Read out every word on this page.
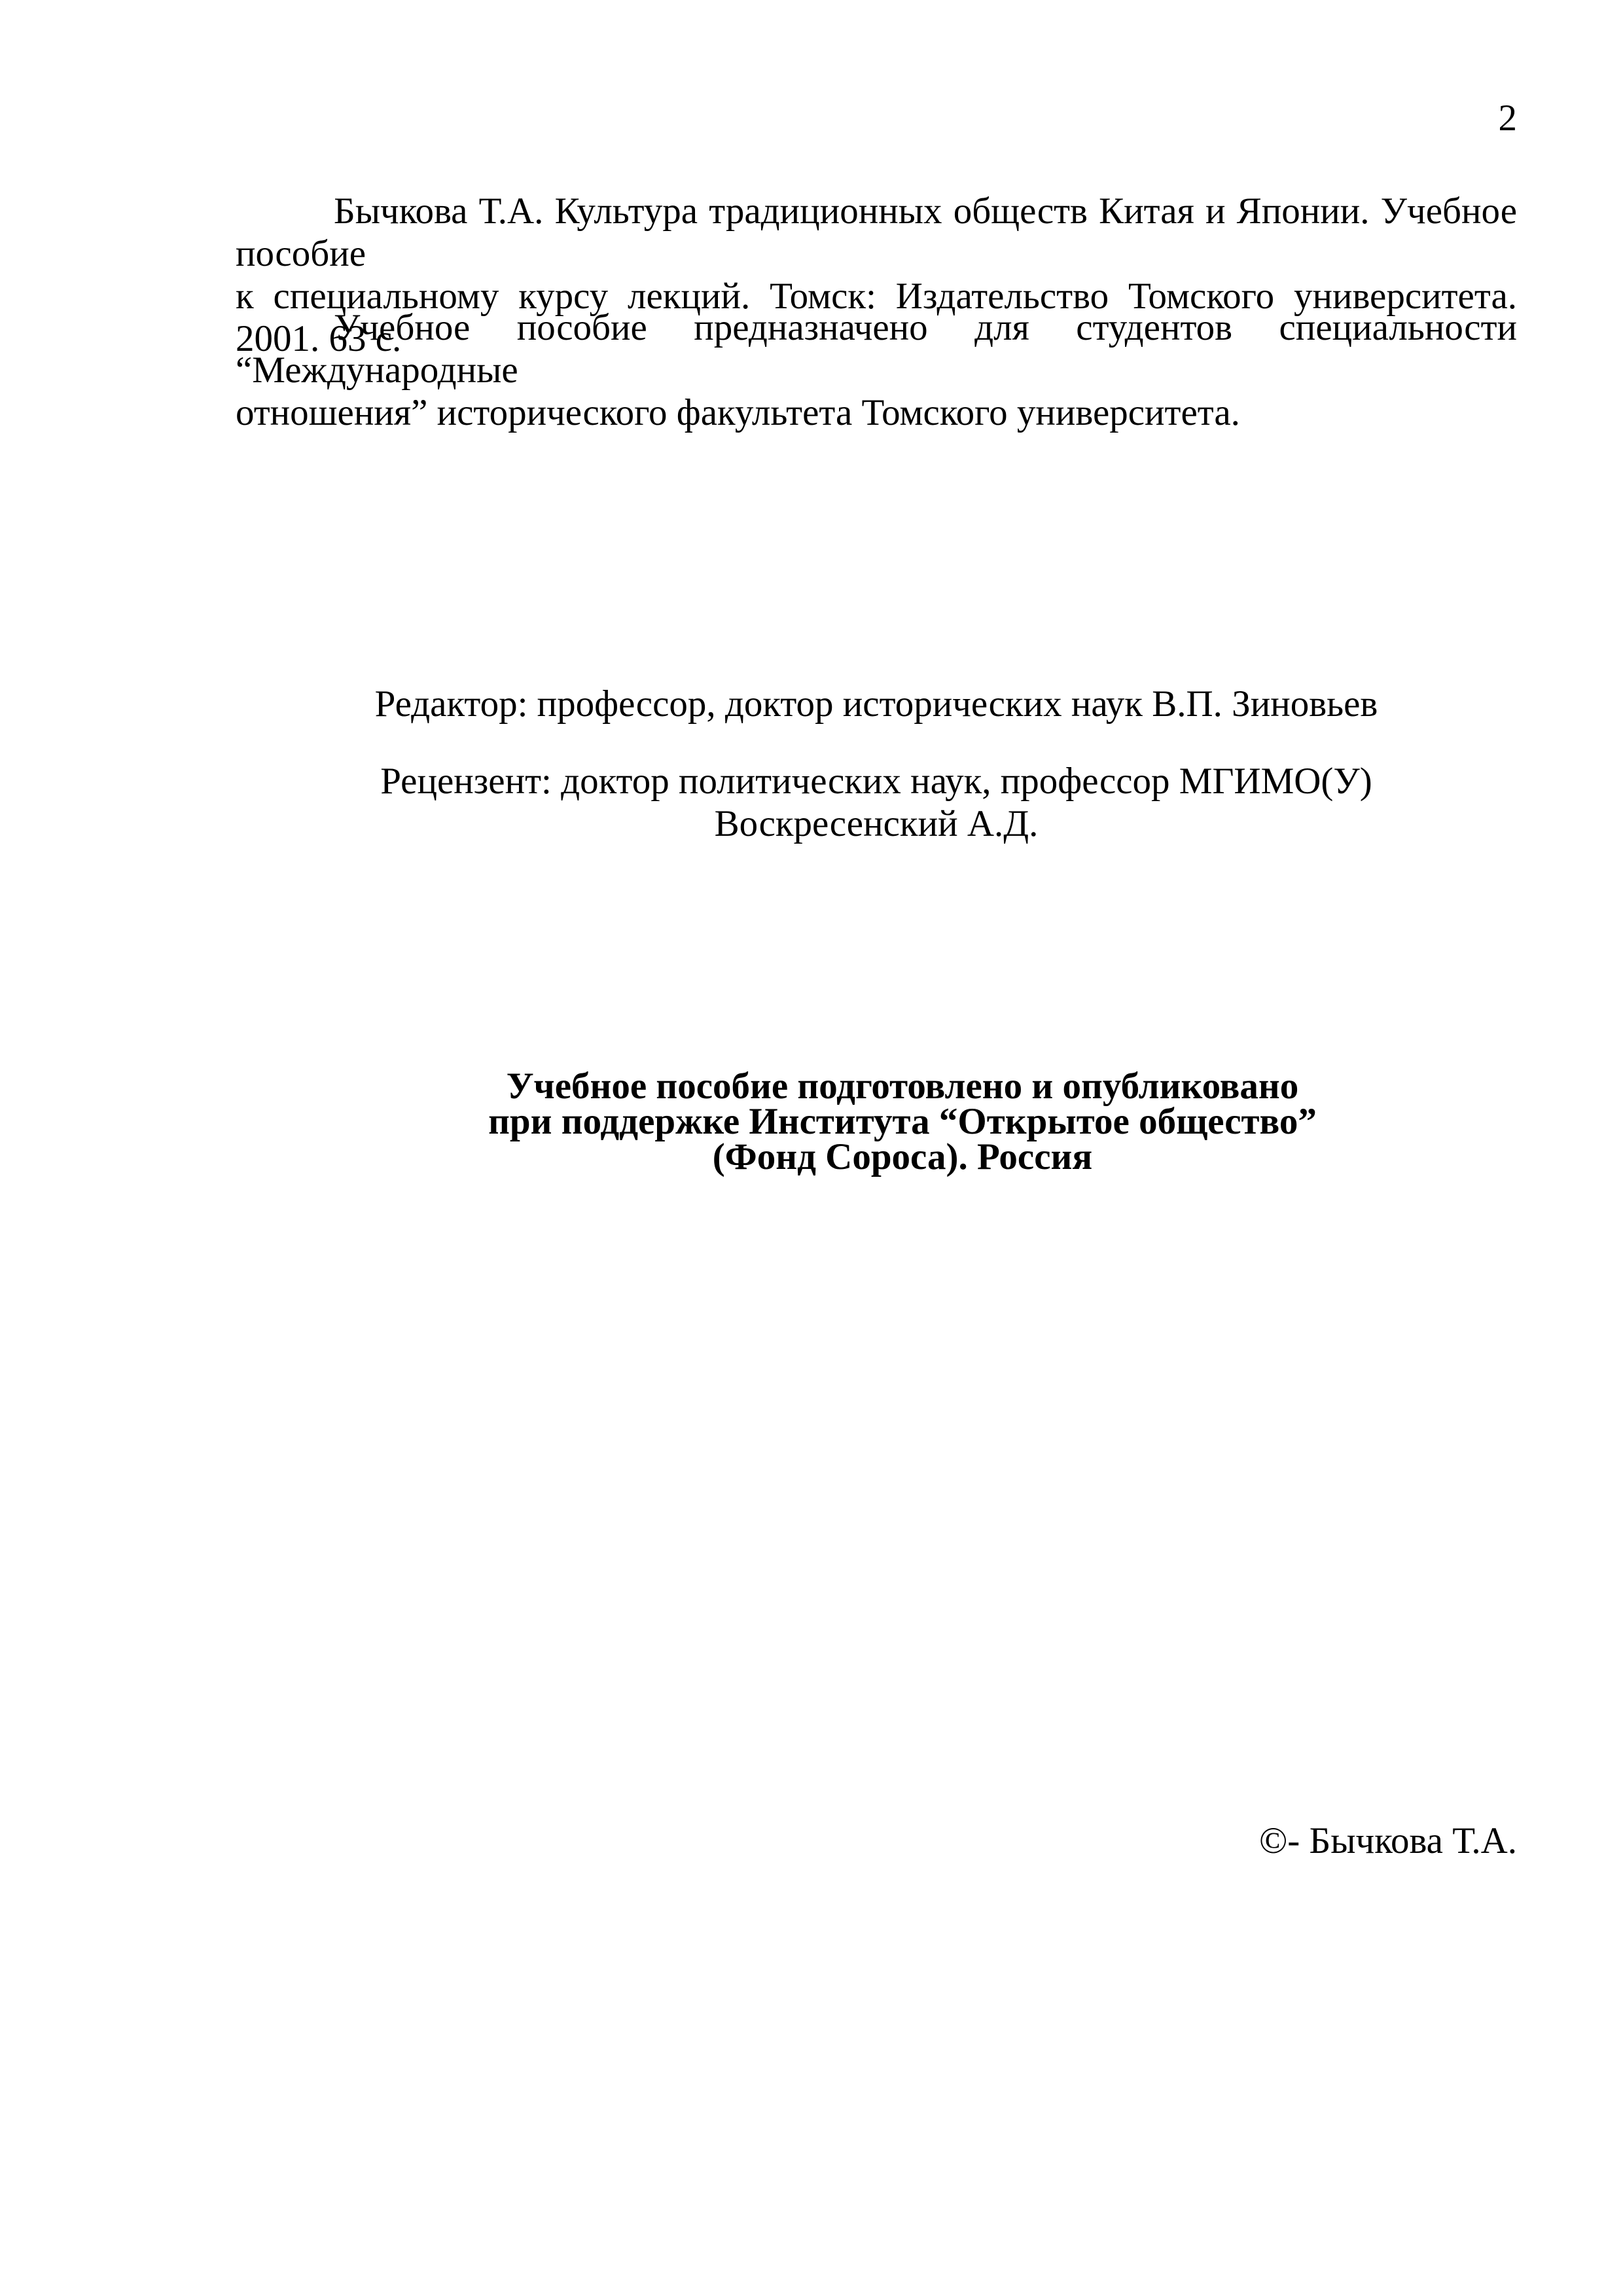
2
Бычкова Т.А. Культура традиционных обществ Китая и Японии. Учебное пособие
к специальному курсу лекций. Томск: Издательство Томского университета. 2001. 63 с.
Учебное пособие предназначено для студентов специальности “Международные
отношения” исторического факультета Томского университета.
Редактор: профессор, доктор исторических наук В.П. Зиновьев
Рецензент: доктор политических наук, профессор МГИМО(У)
Воскресенский А.Д.
Учебное пособие подготовлено и опубликовано
при поддержке Института “Открытое общество”
(Фонд Сороса). Россия
©- Бычкова Т.А.
